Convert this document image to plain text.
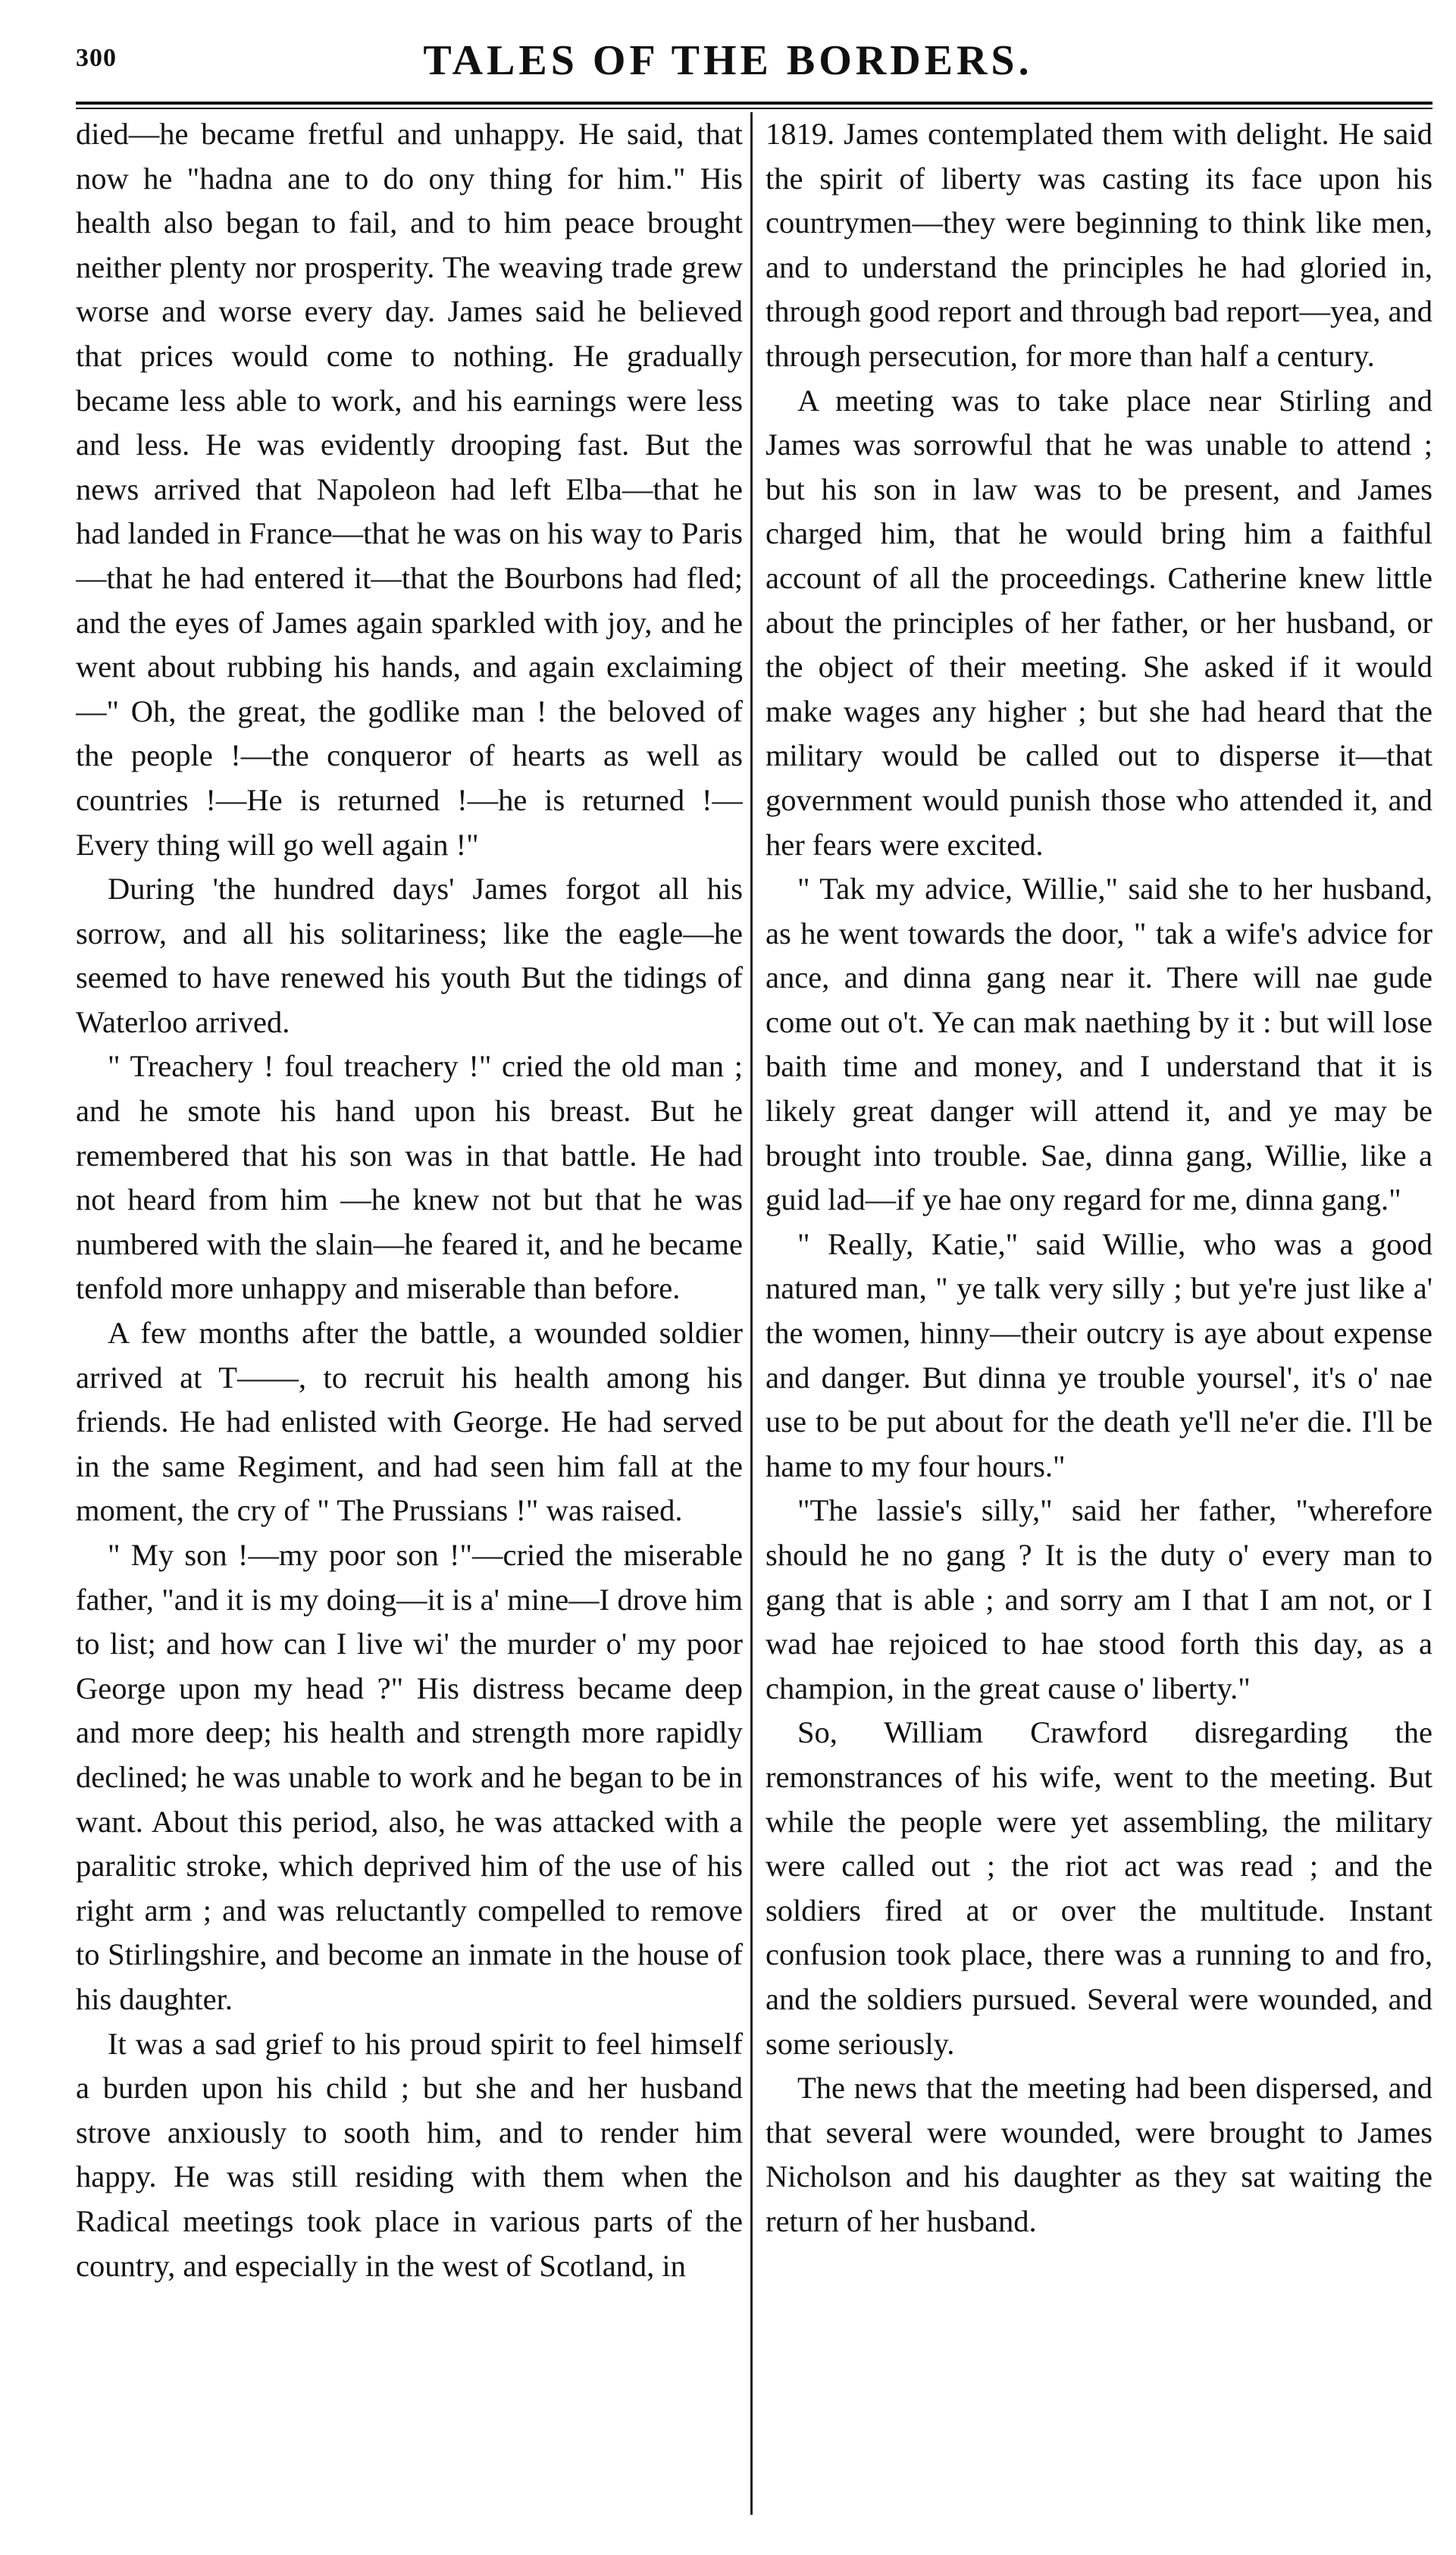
300	TALES OF THE BORDERS.

died—he became fretful and unhappy. He said, that now he "hadna ane to do ony thing for him." His health also began to fail, and to him peace brought neither plenty nor prosperity. The weaving trade grew worse and worse every day. James said he believed that prices would come to nothing. He gradually became less able to work, and his earnings were less and less. He was evidently drooping fast. But the news arrived that Napoleon had left Elba—that he had landed in France—that he was on his way to Paris—that he had entered it—that the Bourbons had fled; and the eyes of James again sparkled with joy, and he went about rubbing his hands, and again exclaiming—" Oh, the great, the godlike man ! the beloved of the people !—the conqueror of hearts as well as countries !—He is returned !—he is returned !—Every thing will go well again !"

During 'the hundred days' James forgot all his sorrow, and all his solitariness; like the eagle—he seemed to have renewed his youth But the tidings of Waterloo arrived.

" Treachery ! foul treachery !" cried the old man ; and he smote his hand upon his breast. But he remembered that his son was in that battle. He had not heard from him —he knew not but that he was numbered with the slain—he feared it, and he became tenfold more unhappy and miserable than before.

A few months after the battle, a wounded soldier arrived at T——, to recruit his health among his friends. He had enlisted with George. He had served in the same Regiment, and had seen him fall at the moment, the cry of " The Prussians !" was raised.

" My son !—my poor son !"—cried the miserable father, "and it is my doing—it is a' mine—I drove him to list; and how can I live wi' the murder o' my poor George upon my head ?" His distress became deep and more deep; his health and strength more rapidly declined; he was unable to work and he began to be in want. About this period, also, he was attacked with a paralitic stroke, which deprived him of the use of his right arm ; and was reluctantly compelled to remove to Stirlingshire, and become an inmate in the house of his daughter.

It was a sad grief to his proud spirit to feel himself a burden upon his child ; but she and her husband strove anxiously to sooth him, and to render him happy. He was still residing with them when the Radical meetings took place in various parts of the country, and especially in the west of Scotland, in

1819. James contemplated them with delight. He said the spirit of liberty was casting its face upon his countrymen—they were beginning to think like men, and to understand the principles he had gloried in, through good report and through bad report—yea, and through persecution, for more than half a century.

A meeting was to take place near Stirling and James was sorrowful that he was unable to attend ; but his son in law was to be present, and James charged him, that he would bring him a faithful account of all the proceedings. Catherine knew little about the principles of her father, or her husband, or the object of their meeting. She asked if it would make wages any higher ; but she had heard that the military would be called out to disperse it—that government would punish those who attended it, and her fears were excited.

" Tak my advice, Willie," said she to her husband, as he went towards the door, " tak a wife's advice for ance, and dinna gang near it. There will nae gude come out o't. Ye can mak naething by it : but will lose baith time and money, and I understand that it is likely great danger will attend it, and ye may be brought into trouble. Sae, dinna gang, Willie, like a guid lad—if ye hae ony regard for me, dinna gang."

" Really, Katie," said Willie, who was a good natured man, " ye talk very silly ; but ye're just like a' the women, hinny—their outcry is aye about expense and danger. But dinna ye trouble yoursel', it's o' nae use to be put about for the death ye'll ne'er die. I'll be hame to my four hours."

"The lassie's silly," said her father, "wherefore should he no gang ? It is the duty o' every man to gang that is able ; and sorry am I that I am not, or I wad hae rejoiced to hae stood forth this day, as a champion, in the great cause o' liberty."

So, William Crawford disregarding the remonstrances of his wife, went to the meeting. But while the people were yet assembling, the military were called out ; the riot act was read ; and the soldiers fired at or over the multitude. Instant confusion took place, there was a running to and fro, and the soldiers pursued. Several were wounded, and some seriously.

The news that the meeting had been dispersed, and that several were wounded, were brought to James Nicholson and his daughter as they sat waiting the return of her husband.
